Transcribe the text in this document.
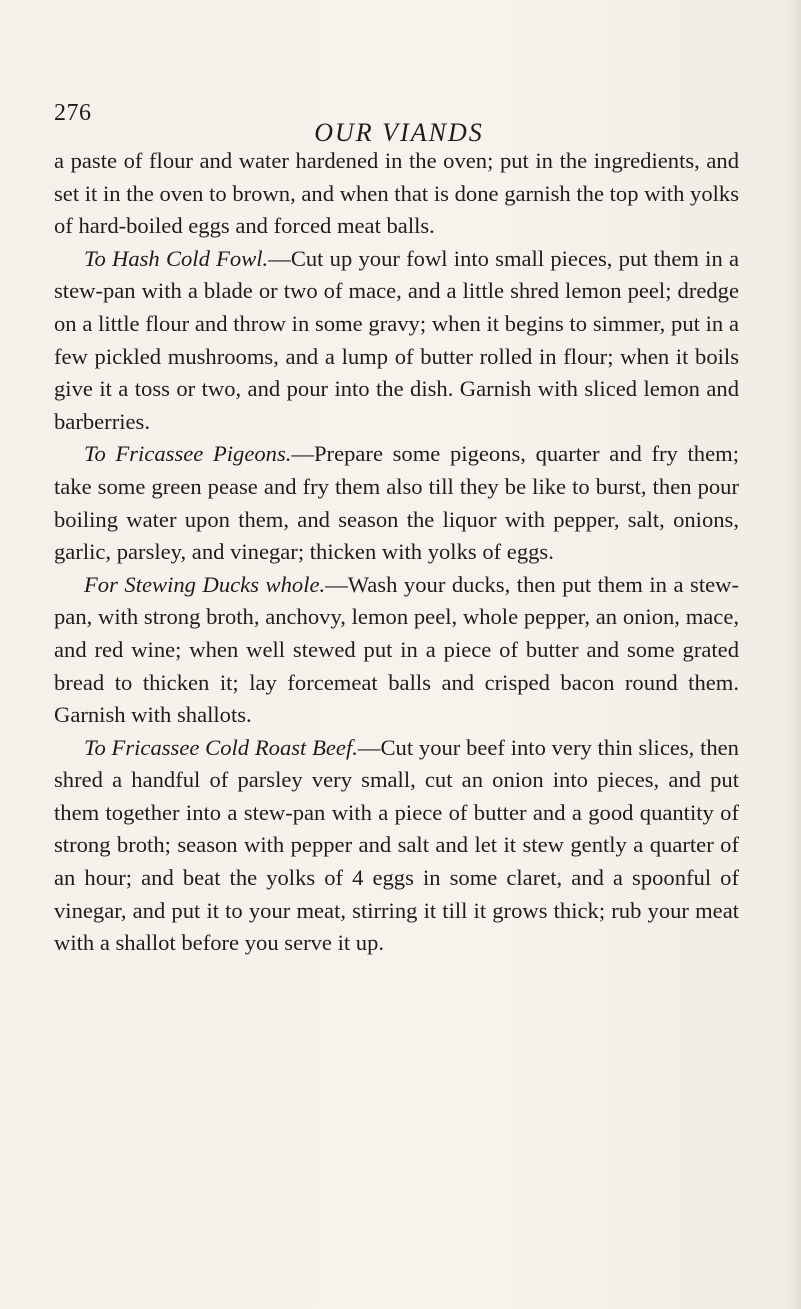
276
OUR VIANDS

a paste of flour and water hardened in the oven; put in the ingredients, and set it in the oven to brown, and when that is done garnish the top with yolks of hard-boiled eggs and forced meat balls.

To Hash Cold Fowl.—Cut up your fowl into small pieces, put them in a stew-pan with a blade or two of mace, and a little shred lemon peel; dredge on a little flour and throw in some gravy; when it begins to simmer, put in a few pickled mushrooms, and a lump of butter rolled in flour; when it boils give it a toss or two, and pour into the dish. Garnish with sliced lemon and barberries.

To Fricassee Pigeons.—Prepare some pigeons, quarter and fry them; take some green pease and fry them also till they be like to burst, then pour boiling water upon them, and season the liquor with pepper, salt, onions, garlic, parsley, and vinegar; thicken with yolks of eggs.

For Stewing Ducks whole.—Wash your ducks, then put them in a stew-pan, with strong broth, anchovy, lemon peel, whole pepper, an onion, mace, and red wine; when well stewed put in a piece of butter and some grated bread to thicken it; lay forcemeat balls and crisped bacon round them. Garnish with shallots.

To Fricassee Cold Roast Beef.—Cut your beef into very thin slices, then shred a handful of parsley very small, cut an onion into pieces, and put them together into a stew-pan with a piece of butter and a good quantity of strong broth; season with pepper and salt and let it stew gently a quarter of an hour; and beat the yolks of 4 eggs in some claret, and a spoonful of vinegar, and put it to your meat, stirring it till it grows thick; rub your meat with a shallot before you serve it up.
